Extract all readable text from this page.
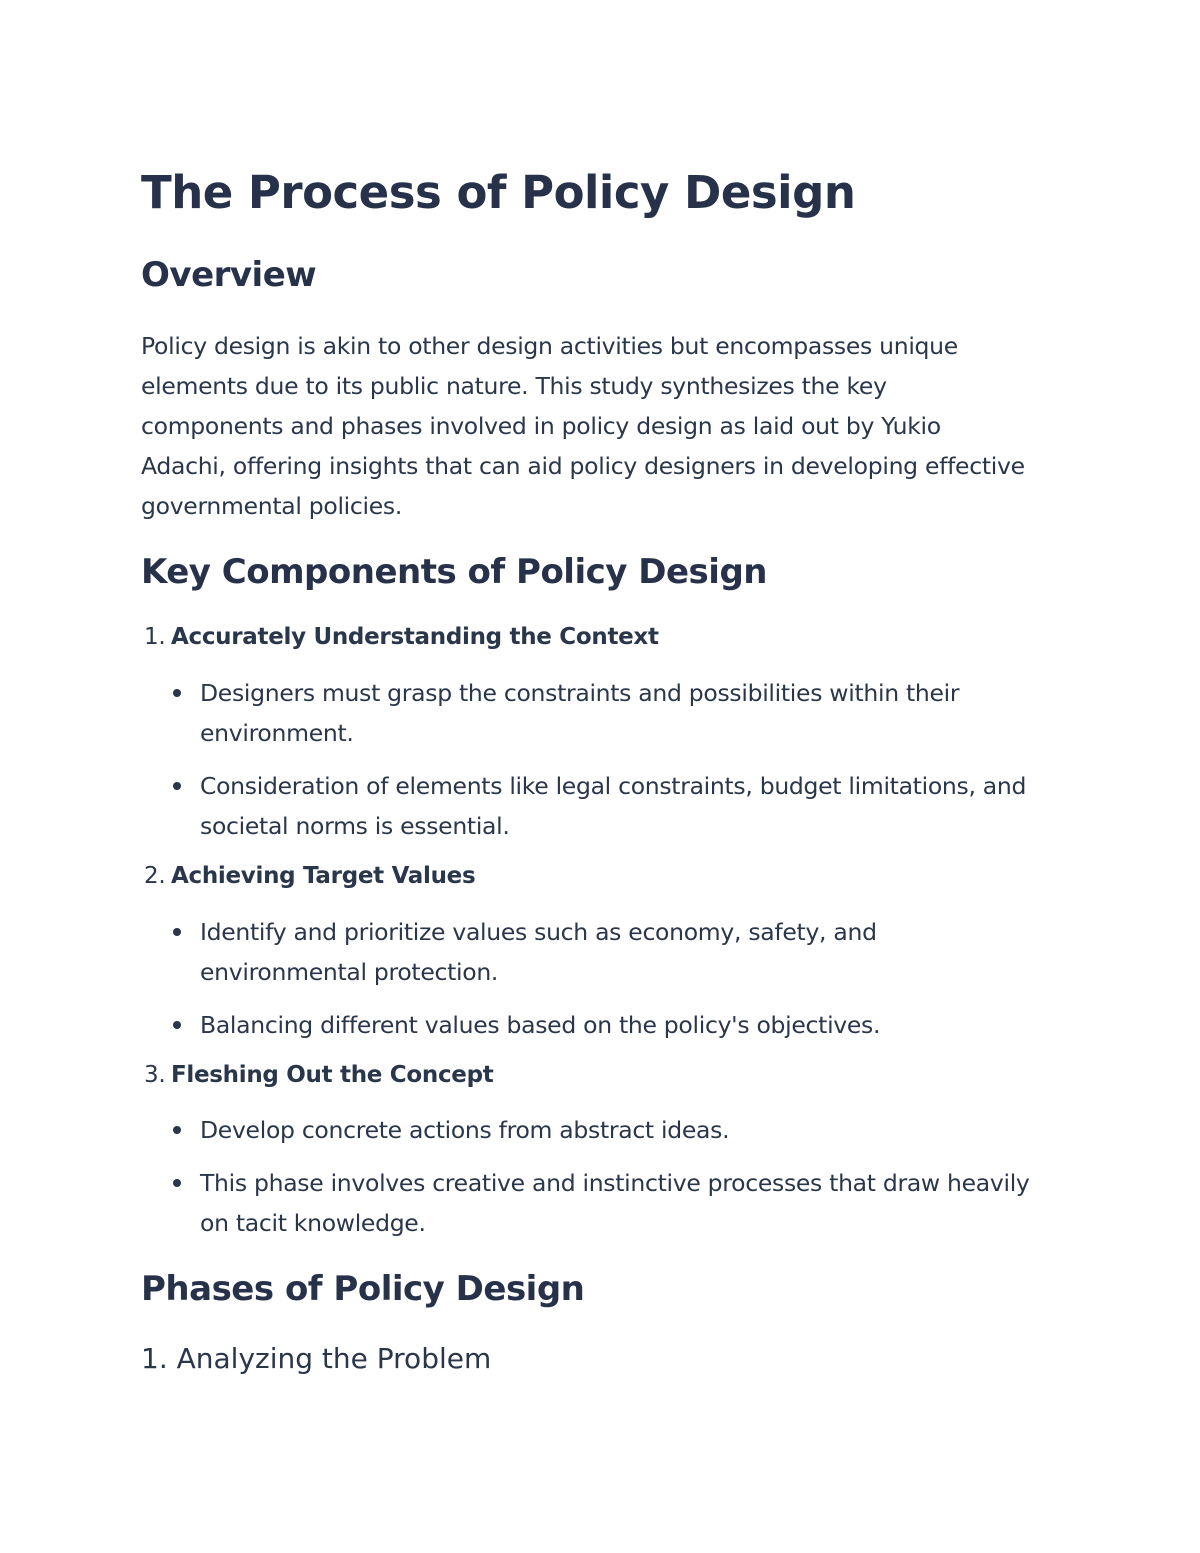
The Process of Policy Design
Overview

Policy design is akin to other design activities but encompasses unique elements due to its public nature. This study synthesizes the key components and phases involved in policy design as laid out by Yukio Adachi, offering insights that can aid policy designers in developing effective governmental policies.

Key Components of Policy Design
1. Accurately Understanding the Context
Designers must grasp the constraints and possibilities within their environment.
Consideration of elements like legal constraints, budget limitations, and societal norms is essential.
2. Achieving Target Values
Identify and prioritize values such as economy, safety, and environmental protection.
Balancing different values based on the policy's objectives.
3. Fleshing Out the Concept
Develop concrete actions from abstract ideas.
This phase involves creative and instinctive processes that draw heavily on tacit knowledge.
Phases of Policy Design
1. Analyzing the Problem
